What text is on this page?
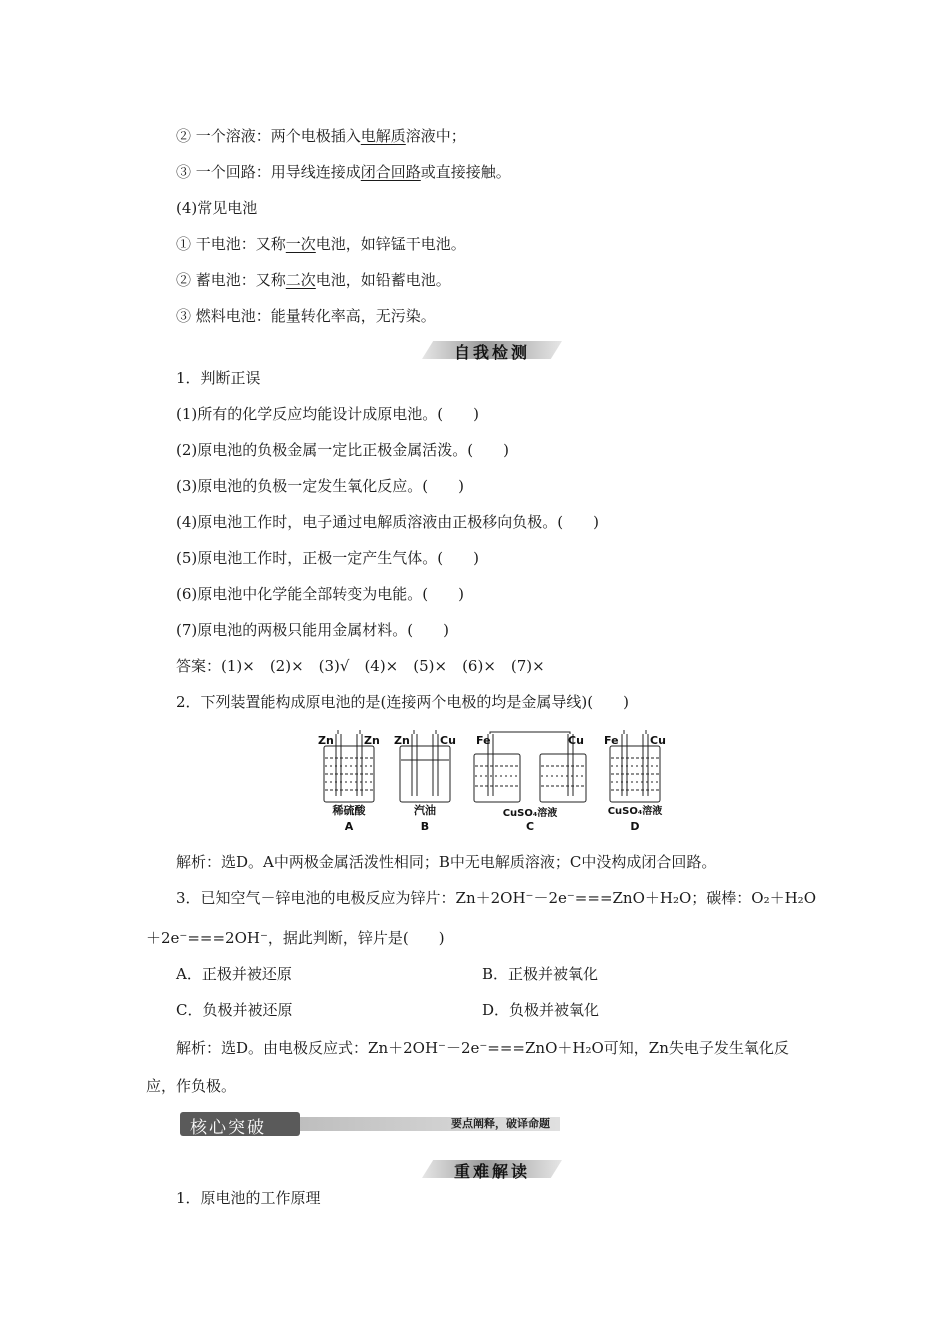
② 一个溶液：两个电极插入电解质溶液中；
③ 一个回路：用导线连接成闭合回路或直接接触。
(4)常见电池
① 干电池：又称一次电池，如锌锰干电池。
② 蓄电池：又称二次电池，如铅蓄电池。
③ 燃料电池：能量转化率高，无污染。
自我检测
1．判断正误
(1)所有的化学反应均能设计成原电池。(　　)
(2)原电池的负极金属一定比正极金属活泼。(　　)
(3)原电池的负极一定发生氧化反应。(　　)
(4)原电池工作时，电子通过电解质溶液由正极移向负极。(　　)
(5)原电池工作时，正极一定产生气体。(　　)
(6)原电池中化学能全部转变为电能。(　　)
(7)原电池的两极只能用金属材料。(　　)
答案：(1)×　(2)×　(3)√　(4)×　(5)×　(6)×　(7)×
2．下列装置能构成原电池的是(连接两个电极的均是金属导线)(　　)
Zn	Zn Zn	Cu Fe	Cu Fe	Cu
稀硫酸	汽油	CuSO₄溶液	CuSO₄溶液
A	B	C	D
解析：选D。A中两极金属活泼性相同；B中无电解质溶液；C中没构成闭合回路。
3．已知空气－锌电池的电极反应为锌片：Zn＋2OH⁻－2e⁻===ZnO＋H₂O；碳棒：O₂＋H₂O
＋2e⁻===2OH⁻，据此判断，锌片是(　　)
A．正极并被还原	B．正极并被氧化
C．负极并被还原	D．负极并被氧化
解析：选D。由电极反应式：Zn＋2OH⁻－2e⁻===ZnO＋H₂O可知，Zn失电子发生氧化反
应，作负极。
要点阐释，破译命题
核心突破
重难解读
1．原电池的工作原理
